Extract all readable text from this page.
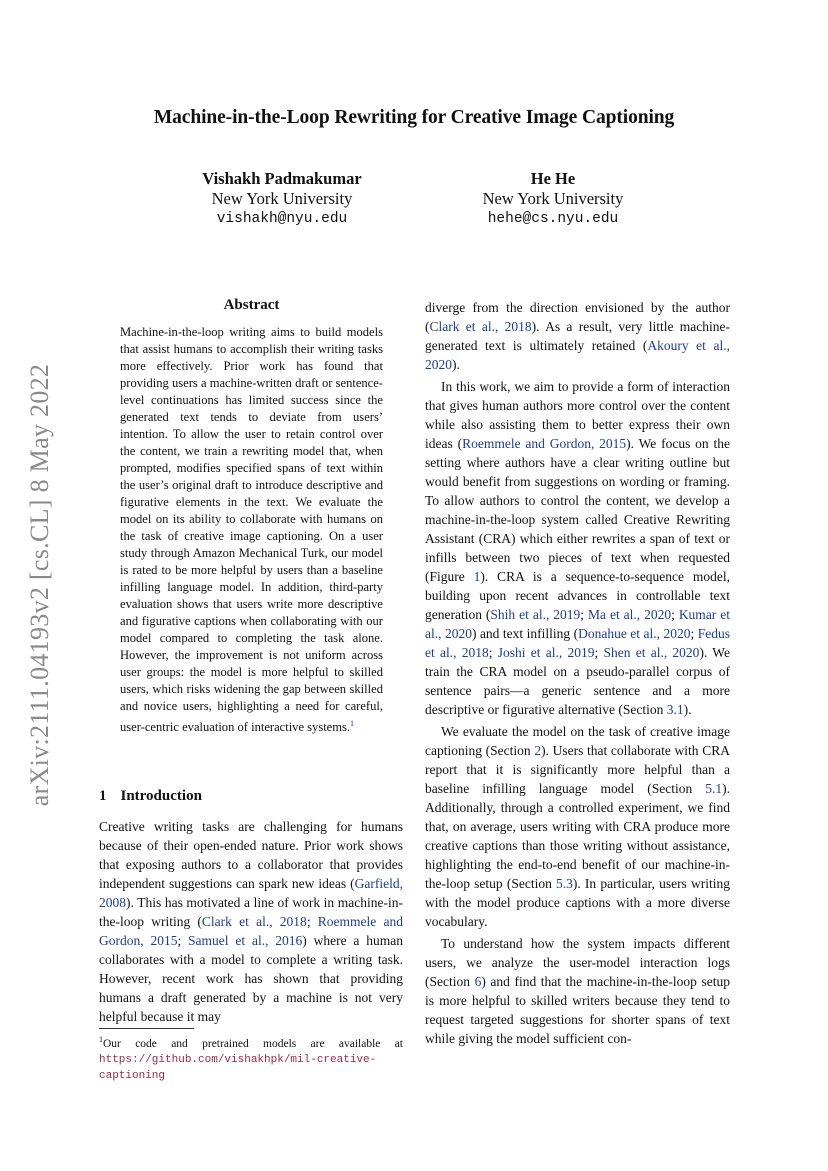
arXiv:2111.04193v2 [cs.CL] 8 May 2022
Machine-in-the-Loop Rewriting for Creative Image Captioning
Vishakh Padmakumar
New York University
vishakh@nyu.edu
He He
New York University
hehe@cs.nyu.edu
Abstract
Machine-in-the-loop writing aims to build models that assist humans to accomplish their writing tasks more effectively. Prior work has found that providing users a machine-written draft or sentence-level continuations has limited success since the generated text tends to deviate from users’ intention. To allow the user to retain control over the content, we train a rewriting model that, when prompted, modifies specified spans of text within the user’s original draft to introduce descriptive and figurative elements in the text. We evaluate the model on its ability to collaborate with humans on the task of creative image captioning. On a user study through Amazon Mechanical Turk, our model is rated to be more helpful by users than a baseline infilling language model. In addition, third-party evaluation shows that users write more descriptive and figurative captions when collaborating with our model compared to completing the task alone. However, the improvement is not uniform across user groups: the model is more helpful to skilled users, which risks widening the gap between skilled and novice users, highlighting a need for careful, user-centric evaluation of interactive systems.$^1$
1 Introduction
Creative writing tasks are challenging for humans because of their open-ended nature. Prior work shows that exposing authors to a collaborator that provides independent suggestions can spark new ideas (Garfield, 2008). This has motivated a line of work in machine-in-the-loop writing (Clark et al., 2018; Roemmele and Gordon, 2015; Samuel et al., 2016) where a human collaborates with a model to complete a writing task. However, recent work has shown that providing humans a draft generated by a machine is not very helpful because it may
$^1$Our code and pretrained models are available at https://github.com/vishakhpk/mil-creative-captioning

diverge from the direction envisioned by the author (Clark et al., 2018). As a result, very little machine-generated text is ultimately retained (Akoury et al., 2020).

In this work, we aim to provide a form of interaction that gives human authors more control over the content while also assisting them to better express their own ideas (Roemmele and Gordon, 2015). We focus on the setting where authors have a clear writing outline but would benefit from suggestions on wording or framing. To allow authors to control the content, we develop a machine-in-the-loop system called Creative Rewriting Assistant (CRA) which either rewrites a span of text or infills between two pieces of text when requested (Figure 1). CRA is a sequence-to-sequence model, building upon recent advances in controllable text generation (Shih et al., 2019; Ma et al., 2020; Kumar et al., 2020) and text infilling (Donahue et al., 2020; Fedus et al., 2018; Joshi et al., 2019; Shen et al., 2020). We train the CRA model on a pseudo-parallel corpus of sentence pairs—a generic sentence and a more descriptive or figurative alternative (Section 3.1).

We evaluate the model on the task of creative image captioning (Section 2). Users that collaborate with CRA report that it is significantly more helpful than a baseline infilling language model (Section 5.1). Additionally, through a controlled experiment, we find that, on average, users writing with CRA produce more creative captions than those writing without assistance, highlighting the end-to-end benefit of our machine-in-the-loop setup (Section 5.3). In particular, users writing with the model produce captions with a more diverse vocabulary.

To understand how the system impacts different users, we analyze the user-model interaction logs (Section 6) and find that the machine-in-the-loop setup is more helpful to skilled writers because they tend to request targeted suggestions for shorter spans of text while giving the model sufficient con-
